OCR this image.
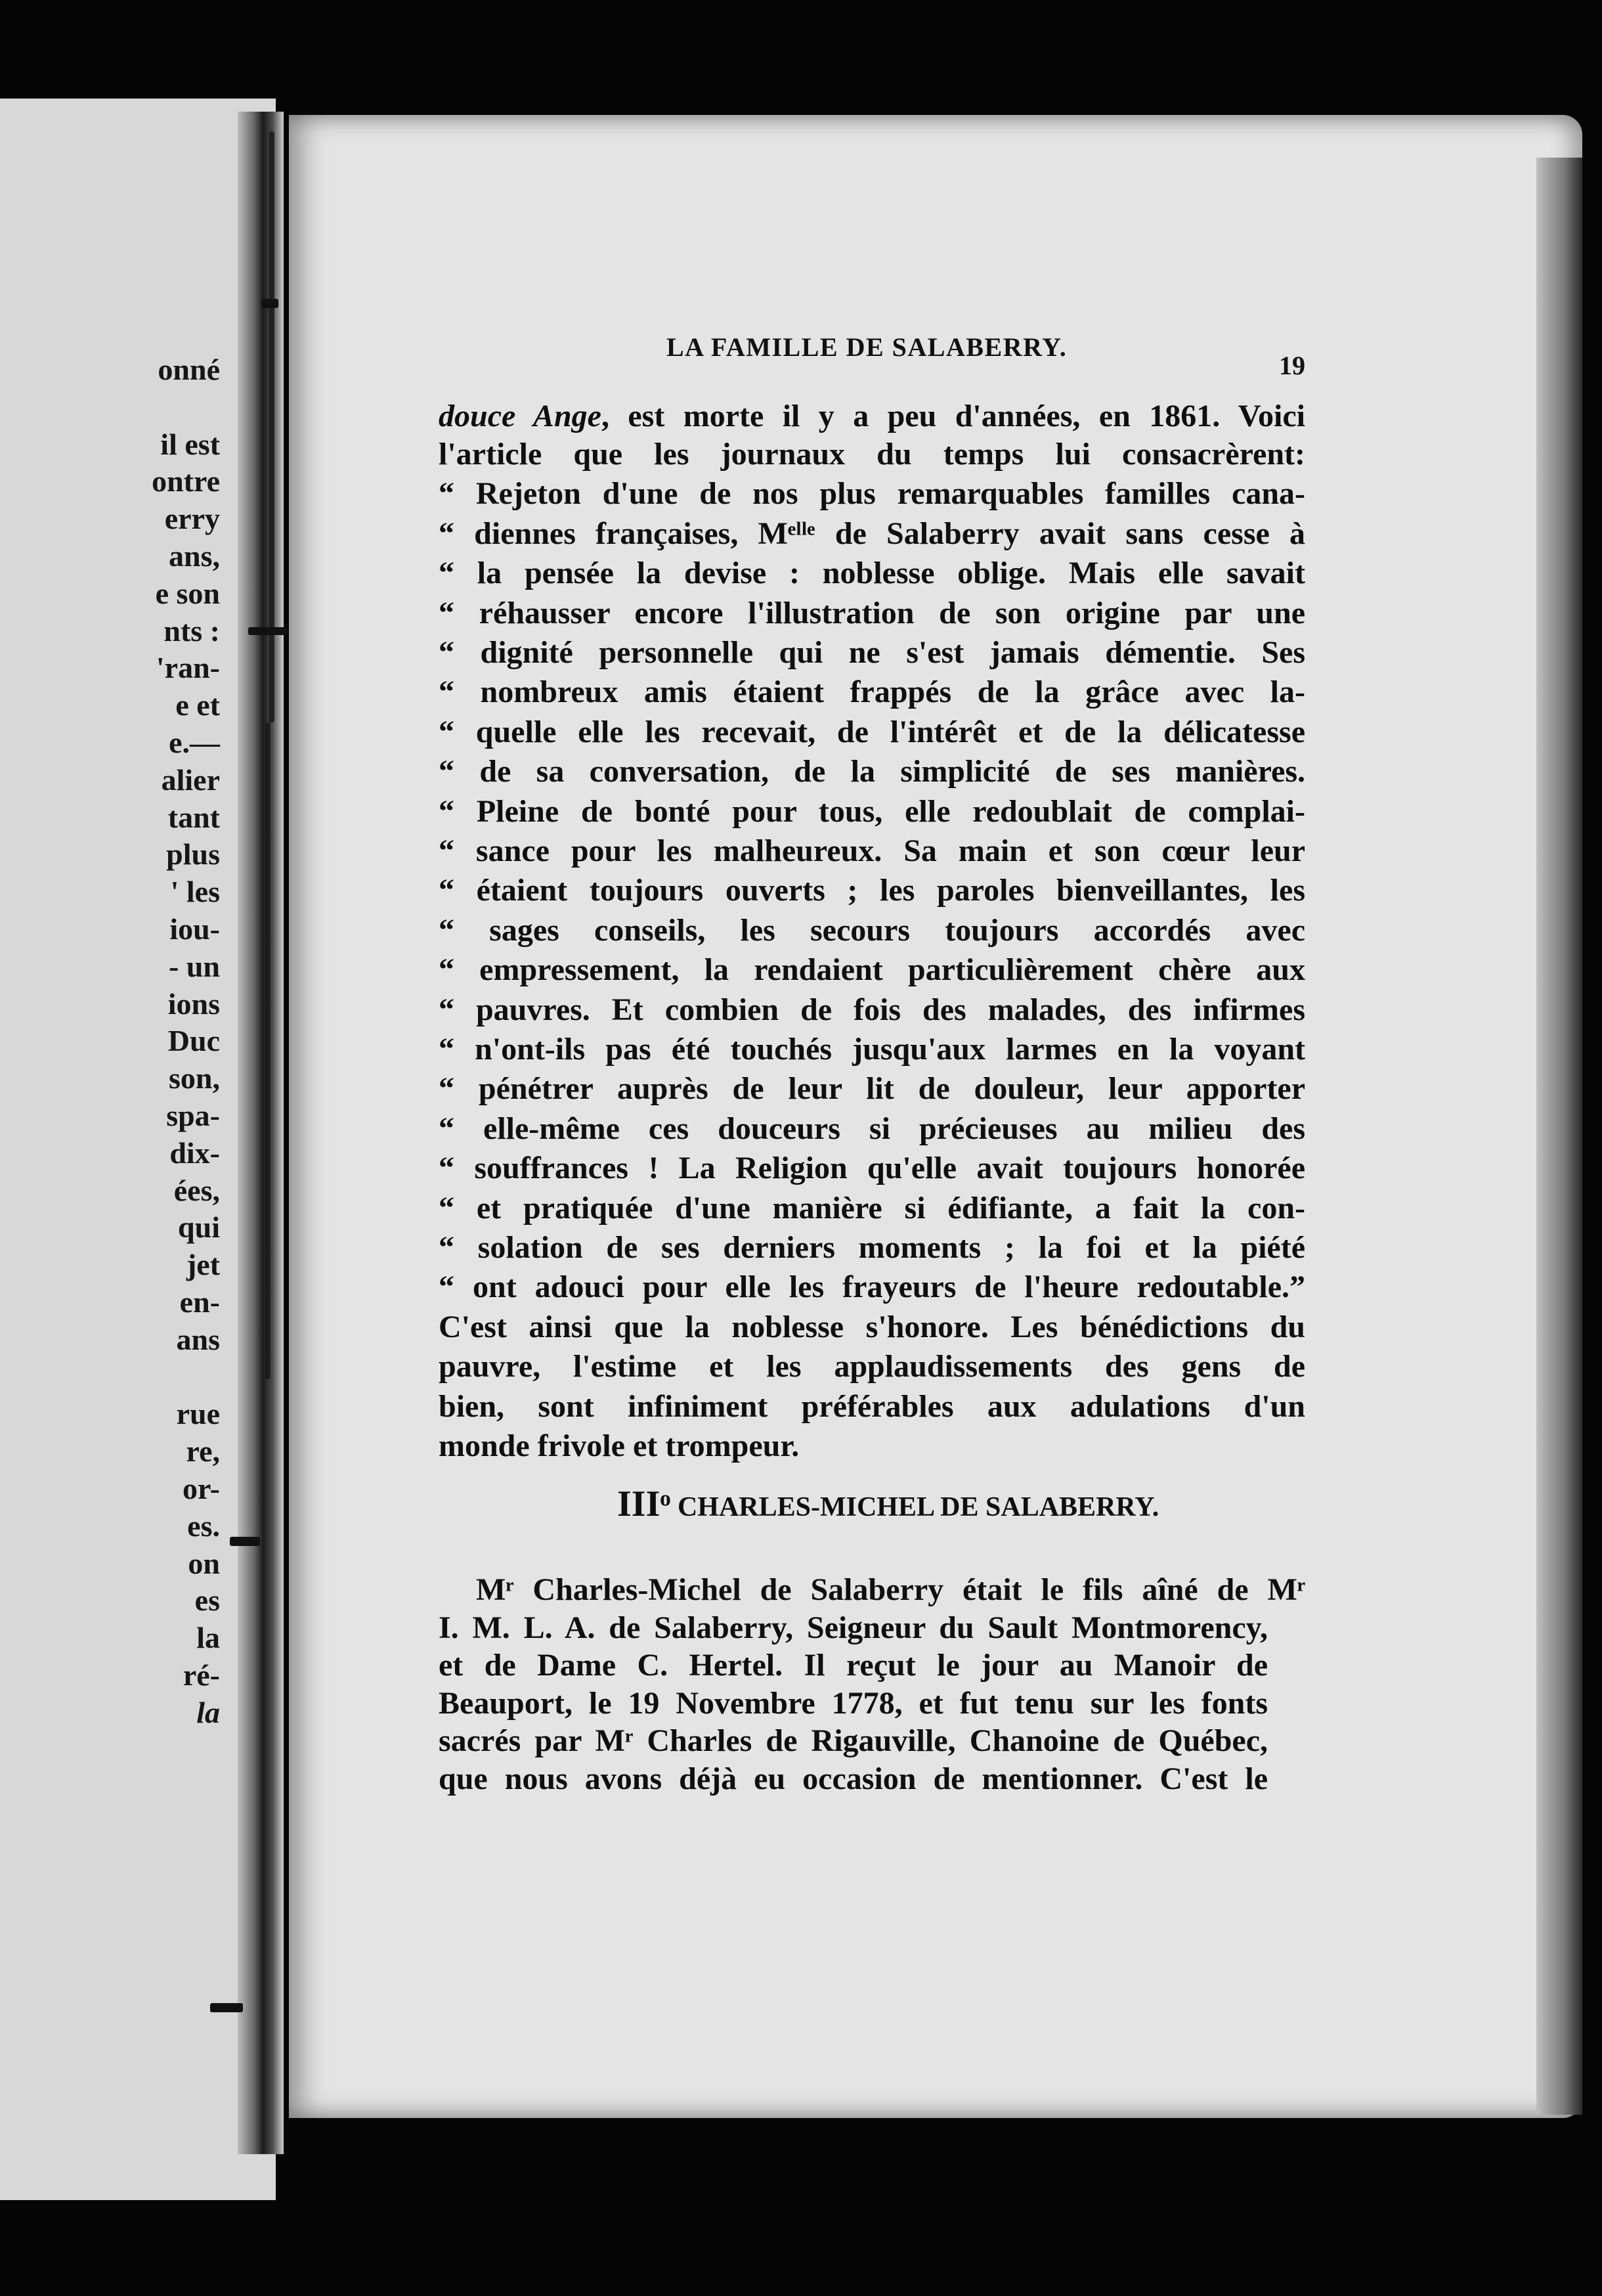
onné
il est
ontre
erry
ans,
e son
nts :
'ran-
e et
e.—
alier
tant
plus
' les
iou-
- un
ions
Duc
son,
spa-
dix-
ées,
qui
jet
en-
ans
rue
re,
or-
es.
on
es
la
ré-
la
LA FAMILLE DE SALABERRY.
19

douce Ange, est morte il y a peu d'années, en 1861. Voici

l'article que les journaux du temps lui consacrèrent:

“ Rejeton d'une de nos plus remarquables familles cana-

“ diennes françaises, Mᵉˡˡᵉ de Salaberry avait sans cesse à

“ la pensée la devise : noblesse oblige. Mais elle savait

“ réhausser encore l'illustration de son origine par une

“ dignité personnelle qui ne s'est jamais démentie. Ses

“ nombreux amis étaient frappés de la grâce avec la-

“ quelle elle les recevait, de l'intérêt et de la délicatesse

“ de sa conversation, de la simplicité de ses manières.

“ Pleine de bonté pour tous, elle redoublait de complai-

“ sance pour les malheureux. Sa main et son cœur leur

“ étaient toujours ouverts ; les paroles bienveillantes, les

“ sages conseils, les secours toujours accordés avec

“ empressement, la rendaient particulièrement chère aux

“ pauvres. Et combien de fois des malades, des infirmes

“ n'ont-ils pas été touchés jusqu'aux larmes en la voyant

“ pénétrer auprès de leur lit de douleur, leur apporter

“ elle-même ces douceurs si précieuses au milieu des

“ souffrances ! La Religion qu'elle avait toujours honorée

“ et pratiquée d'une manière si édifiante, a fait la con-

“ solation de ses derniers moments ; la foi et la piété

“ ont adouci pour elle les frayeurs de l'heure redoutable.”

C'est ainsi que la noblesse s'honore. Les bénédictions du

pauvre, l'estime et les applaudissements des gens de

bien, sont infiniment préférables aux adulations d'un

monde frivole et trompeur.

IIIᵒ CHARLES-MICHEL DE SALABERRY.

Mʳ Charles-Michel de Salaberry était le fils aîné de Mʳ

I. M. L. A. de Salaberry, Seigneur du Sault Montmorency,

et de Dame C. Hertel. Il reçut le jour au Manoir de

Beauport, le 19 Novembre 1778, et fut tenu sur les fonts

sacrés par Mʳ Charles de Rigauville, Chanoine de Québec,

que nous avons déjà eu occasion de mentionner. C'est le
